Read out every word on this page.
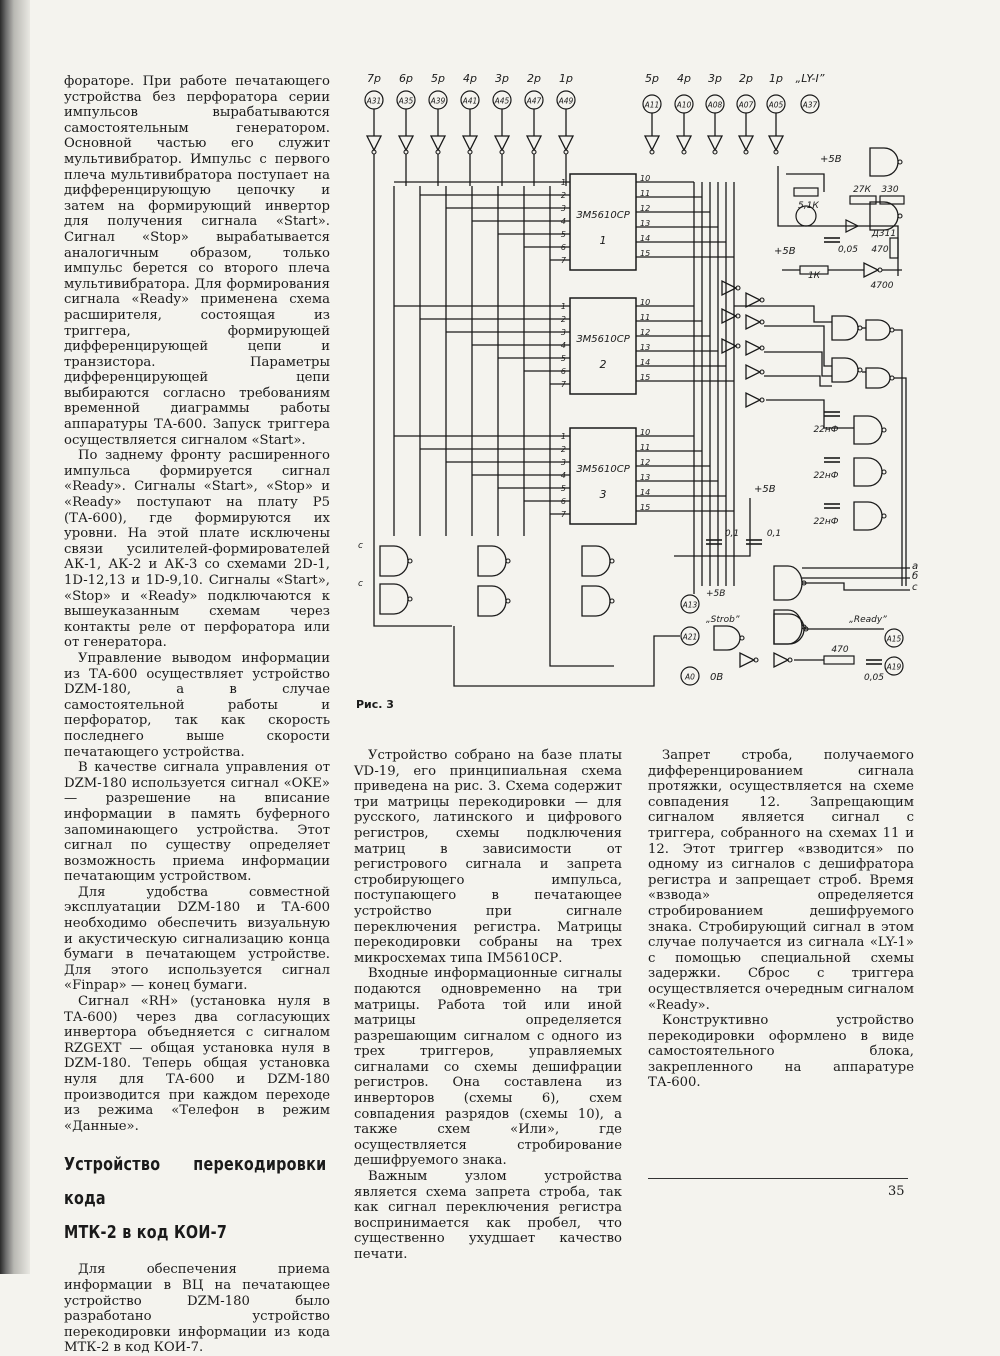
фораторе. При работе печатающего устройства без перфоратора серии импульсов вырабатываются самостоятельным генератором. Основной частью его служит мультивибратор. Импульс с первого плеча мультивибратора поступает на дифференцирующую цепочку и затем на формирующий инвертор для получения сигнала «Start». Сигнал «Stop» вырабатывается аналогичным образом, только импульс берется со второго плеча мультивибратора. Для формирования сигнала «Ready» применена схема расширителя, состоящая из триггера, формирующей дифференцирующей цепи и транзистора. Параметры дифференцирующей цепи выбираются согласно требованиям временной диаграммы работы аппаратуры ТА-600. Запуск триггера осуществляется сигналом «Start».

По заднему фронту расширенного импульса формируется сигнал «Ready». Сигналы «Start», «Stop» и «Ready» поступают на плату Р5 (ТА-600), где формируются их уровни. На этой плате исключены связи усилителей-формирователей АК-1, АК-2 и АК-3 со схемами 2D-1, 1D-12,13 и 1D-9,10. Сигналы «Start», «Stop» и «Ready» подключаются к вышеуказанным схемам через контакты реле от перфоратора или от генератора.

Управление выводом информации из ТА-600 осуществляет устройство DZM-180, а в случае самостоятельной работы и перфоратор, так как скорость последнего выше скорости печатающего устройства.

В качестве сигнала управления от DZM-180 используется сигнал «OKE» — разрешение на вписание информации в память буферного запоминающего устройства. Этот сигнал по существу определяет возможность приема информации печатающим устройством.

Для удобства совместной эксплуатации DZM-180 и ТА-600 необходимо обеспечить визуальную и акустическую сигнализацию конца бумаги в печатающем устройстве. Для этого используется сигнал «Finpap» — конец бумаги.

Сигнал «RH» (установка нуля в ТА-600) через два согласующих инвертора объедняется с сигналом RZGEXT — общая установка нуля в DZM-180. Теперь общая установка нуля для ТА-600 и DZM-180 производится при каждом переходе из режима «Телефон в режим «Данные».

Устройство перекодировки кода
МТК-2 в код КОИ-7

Для обеспечения приема информации в ВЦ на печатающее устройство DZM-180 было разработано устройство перекодировки информации из кода МТК-2 в код КОИ-7.

7р
А31
6р
А35
5р
А39
4р
А41
3р
А45
2р
А47
1р
А49
5р
А11
4р
А10
3р
А08
2р
А07
1р
А05
„LY-I”
А37
ЗМ5610СР
1
1
2
3
4
5
6
7
10
11
12
13
14
15
ЗМ5610СР
2
1
2
3
4
5
6
7
10
11
12
13
14
15
ЗМ5610СР
3
1
2
3
4
5
6
7
10
11
12
13
14
15
+5В
5,1К
27К 330
Д311
0,05 470
+5В
1К
4700
22нФ
22нФ
22нФ
а
б
с
+5В
0,1	0,1
с
с
А13
+5В
А21
„Strob”	„Ready”
А15
А0 0В
470
0,05
А19
Рис. 3

Устройство собрано на базе платы VD-19, его принципиальная схема приведена на рис. 3. Схема содержит три матрицы перекодировки — для русского, латинского и цифрового регистров, схемы подключения матриц в зависимости от регистрового сигнала и запрета стробирующего импульса, поступающего в печатающее устройство при сигнале переключения регистра. Матрицы перекодировки собраны на трех микросхемах типа IM5610СР.

Входные информационные сигналы подаются одновременно на три матрицы. Работа той или иной матрицы определяется разрешающим сигналом с одного из трех триггеров, управляемых сигналами со схемы дешифрации регистров. Она составлена из инверторов (схемы 6), схем совпадения разрядов (схемы 10), а также схем «Или», где осуществляется стробирование дешифруемого знака.

Важным узлом устройства является схема запрета строба, так как сигнал переключения регистра воспринимается как пробел, что существенно ухудшает качество печати.

Запрет строба, получаемого дифференцированием сигнала протяжки, осуществляется на схеме совпадения 12. Запрещающим сигналом является сигнал с триггера, собранного на схемах 11 и 12. Этот триггер «взводится» по одному из сигналов с дешифратора регистра и запрещает строб. Время «взвода» определяется стробированием дешифруемого знака. Стробирующий сигнал в этом случае получается из сигнала «LY-1» с помощью специальной схемы задержки. Сброс с триггера осуществляется очередным сигналом «Ready».

Конструктивно устройство перекодировки оформлено в виде самостоятельного блока, закрепленного на аппаратуре ТА-600.

35
